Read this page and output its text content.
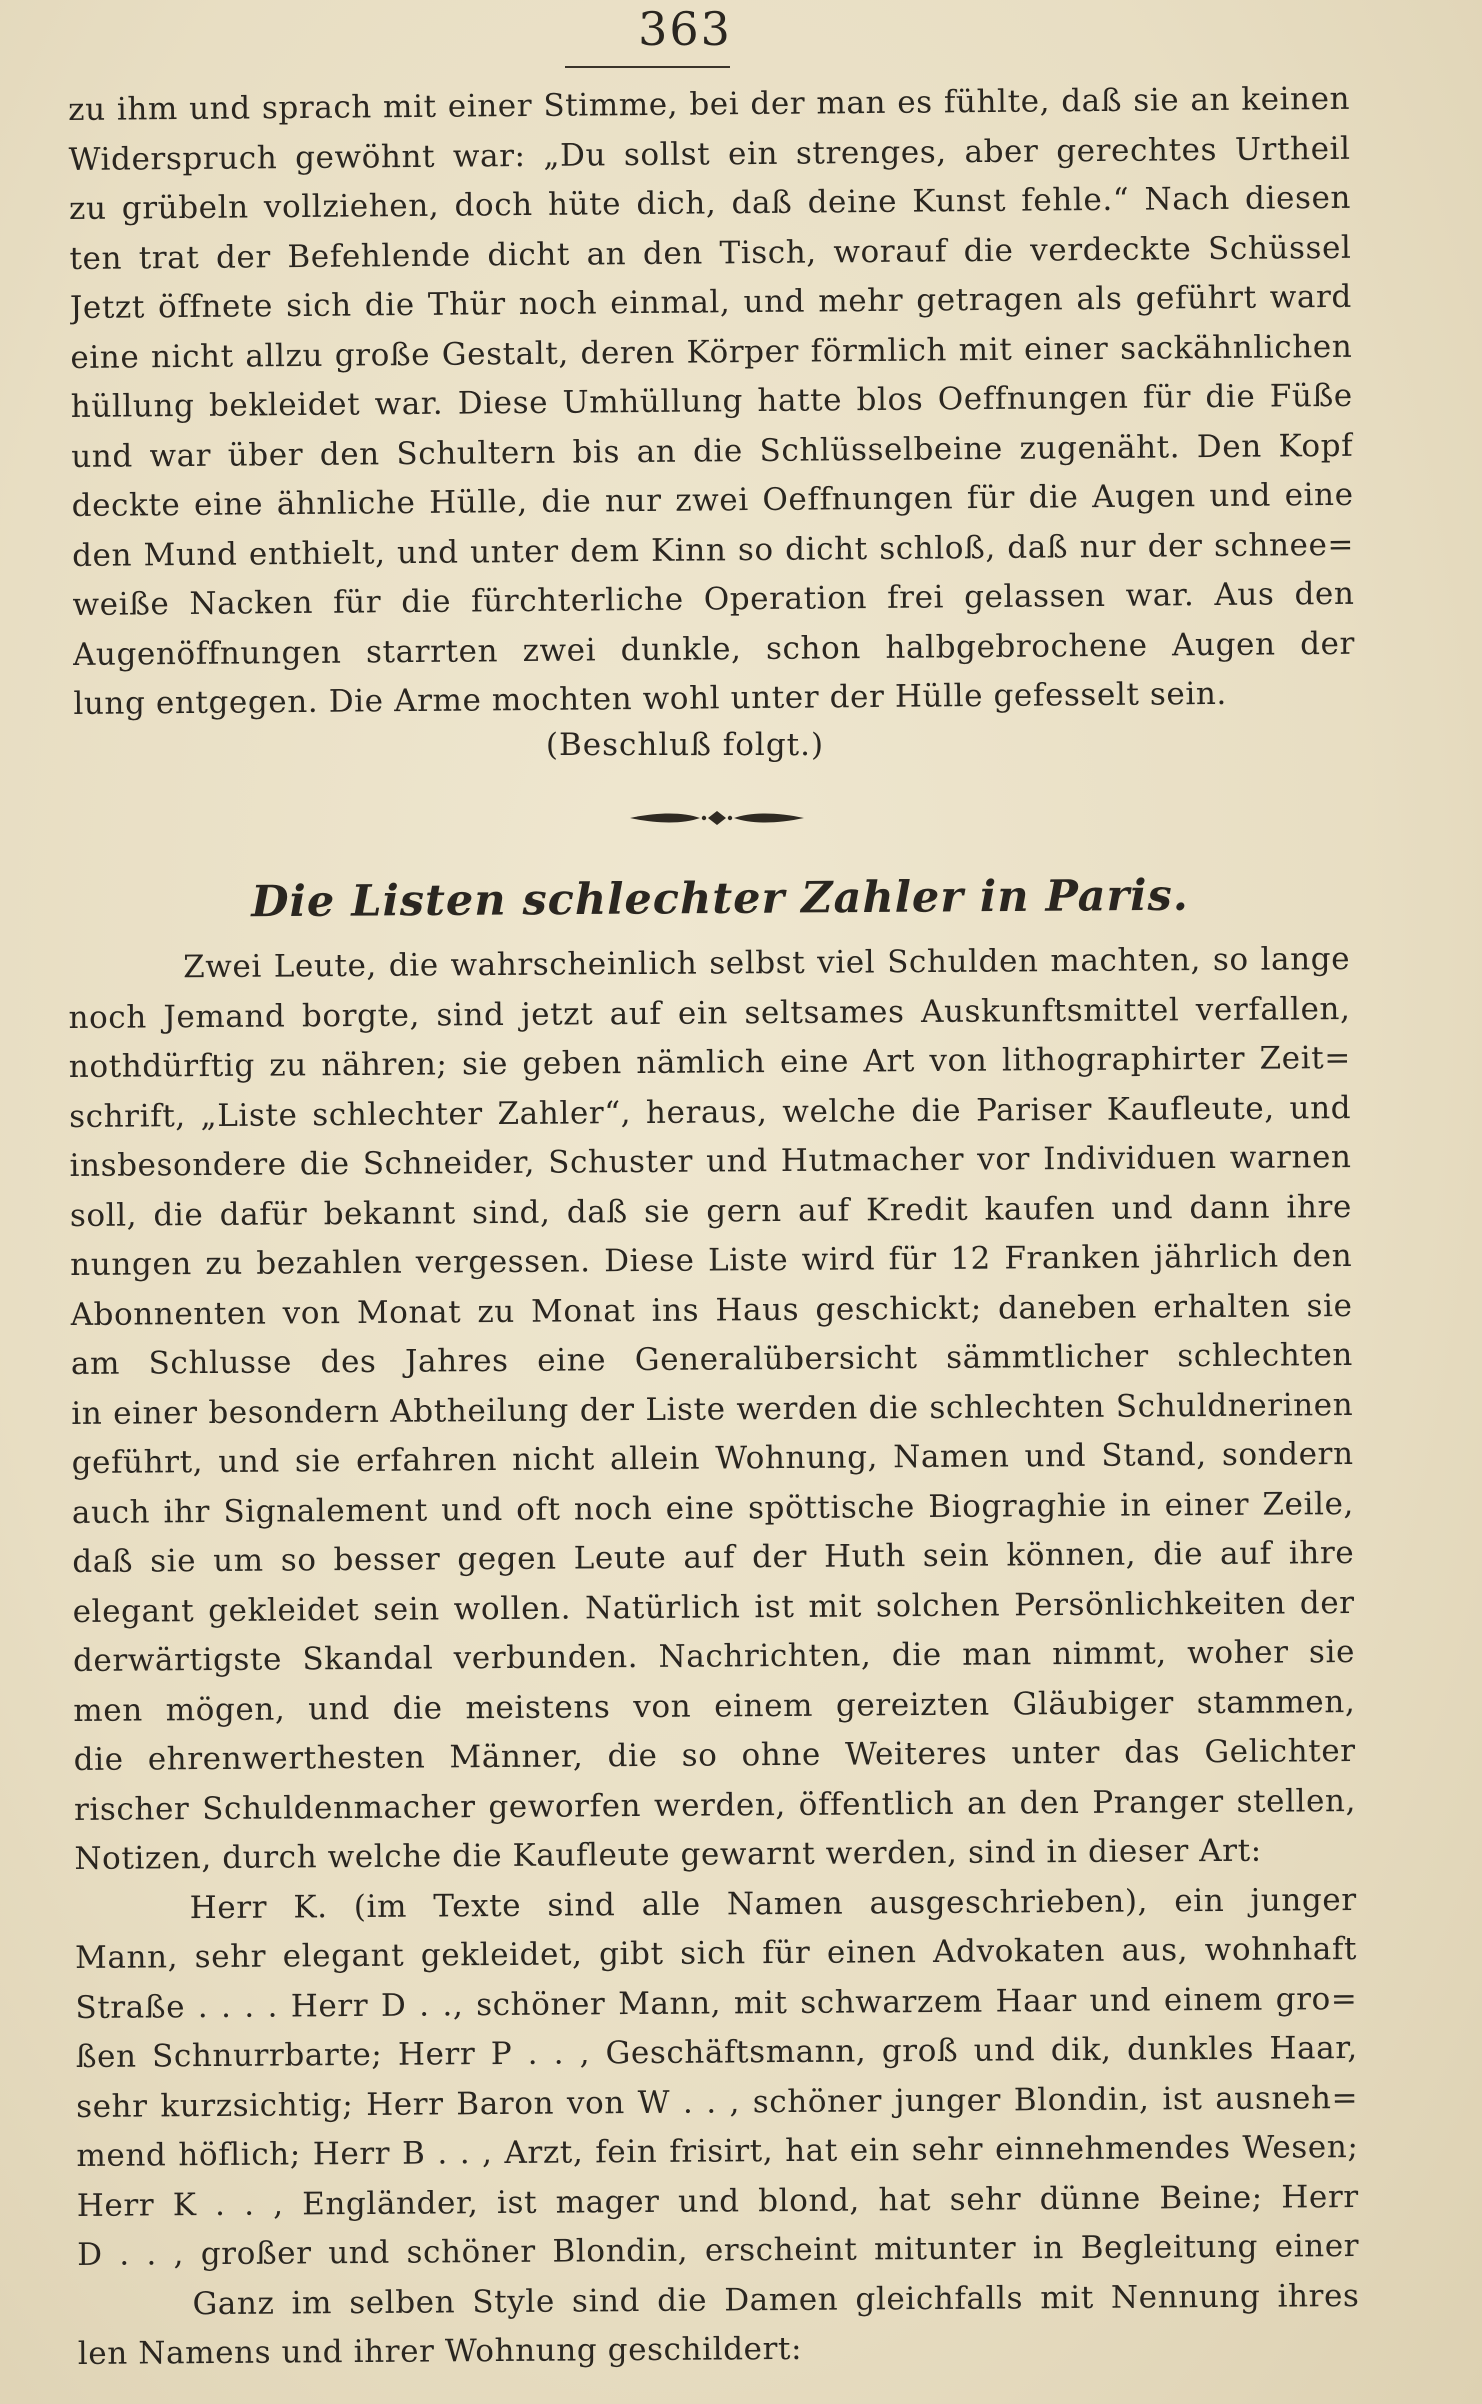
363
zu ihm und sprach mit einer Stimme, bei der man es fühlte, daß sie an keinen
Widerspruch gewöhnt war: „Du sollst ein strenges, aber gerechtes Urtheil
zu grübeln vollziehen, doch hüte dich, daß deine Kunst fehle.“ Nach diesen
ten trat der Befehlende dicht an den Tisch, worauf die verdeckte Schüssel
Jetzt öffnete sich die Thür noch einmal, und mehr getragen als geführt ward
eine nicht allzu große Gestalt, deren Körper förmlich mit einer sackähnlichen
hüllung bekleidet war. Diese Umhüllung hatte blos Oeffnungen für die Füße
und war über den Schultern bis an die Schlüsselbeine zugenäht. Den Kopf
deckte eine ähnliche Hülle, die nur zwei Oeffnungen für die Augen und eine
den Mund enthielt, und unter dem Kinn so dicht schloß, daß nur der schnee=
weiße Nacken für die fürchterliche Operation frei gelassen war. Aus den
Augenöffnungen starrten zwei dunkle, schon halbgebrochene Augen der
lung entgegen. Die Arme mochten wohl unter der Hülle gefesselt sein.
(Beschluß folgt.)
Die Listen schlechter Zahler in Paris.
Zwei Leute, die wahrscheinlich selbst viel Schulden machten, so lange
noch Jemand borgte, sind jetzt auf ein seltsames Auskunftsmittel verfallen,
nothdürftig zu nähren; sie geben nämlich eine Art von lithographirter Zeit=
schrift, „Liste schlechter Zahler“, heraus, welche die Pariser Kaufleute, und
insbesondere die Schneider, Schuster und Hutmacher vor Individuen warnen
soll, die dafür bekannt sind, daß sie gern auf Kredit kaufen und dann ihre
nungen zu bezahlen vergessen. Diese Liste wird für 12 Franken jährlich den
Abonnenten von Monat zu Monat ins Haus geschickt; daneben erhalten sie
am Schlusse des Jahres eine Generalübersicht sämmtlicher schlechten
in einer besondern Abtheilung der Liste werden die schlechten Schuldnerinen
geführt, und sie erfahren nicht allein Wohnung, Namen und Stand, sondern
auch ihr Signalement und oft noch eine spöttische Biograghie in einer Zeile,
daß sie um so besser gegen Leute auf der Huth sein können, die auf ihre
elegant gekleidet sein wollen. Natürlich ist mit solchen Persönlichkeiten der
derwärtigste Skandal verbunden. Nachrichten, die man nimmt, woher sie
men mögen, und die meistens von einem gereizten Gläubiger stammen,
die ehrenwerthesten Männer, die so ohne Weiteres unter das Gelichter
rischer Schuldenmacher geworfen werden, öffentlich an den Pranger stellen,
Notizen, durch welche die Kaufleute gewarnt werden, sind in dieser Art:
Herr K. (im Texte sind alle Namen ausgeschrieben), ein junger
Mann, sehr elegant gekleidet, gibt sich für einen Advokaten aus, wohnhaft
Straße . . . . Herr D . ., schöner Mann, mit schwarzem Haar und einem gro=
ßen Schnurrbarte; Herr P . . , Geschäftsmann, groß und dik, dunkles Haar,
sehr kurzsichtig; Herr Baron von W . . , schöner junger Blondin, ist ausneh=
mend höflich; Herr B . . , Arzt, fein frisirt, hat ein sehr einnehmendes Wesen;
Herr K . . , Engländer, ist mager und blond, hat sehr dünne Beine; Herr
D . . , großer und schöner Blondin, erscheint mitunter in Begleitung einer
Ganz im selben Style sind die Damen gleichfalls mit Nennung ihres
len Namens und ihrer Wohnung geschildert:
